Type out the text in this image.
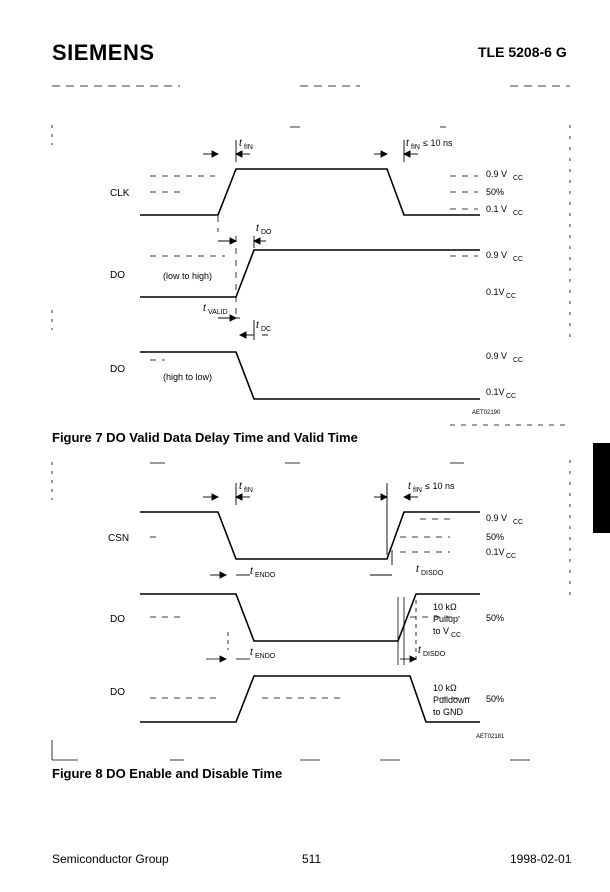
SIEMENS	TLE 5208-6 G
CLK
DO	(low to high)
DO
(high to low)
t fIN	t fIN ≤ 10 ns
t DO
t VALID
t DC
0.9 V CC
50%
0.1 V CC
0.9 V CC
0.1V CC
0.9 V CC
0.1V CC
AET02190
CSN
DO
DO
t fIN	t fIN ≤ 10 ns
t ENDO
t DISDO
t ENDO
t DISDO
0.9 V CC
50%
0.1V CC
10 kΩ
Pullup
to V CC
50%
10 kΩ
Pulldown
to GND
50%
AET02181
Figure 7 DO Valid Data Delay Time and Valid Time
Figure 8 DO Enable and Disable Time
Semiconductor Group	511	1998-02-01
